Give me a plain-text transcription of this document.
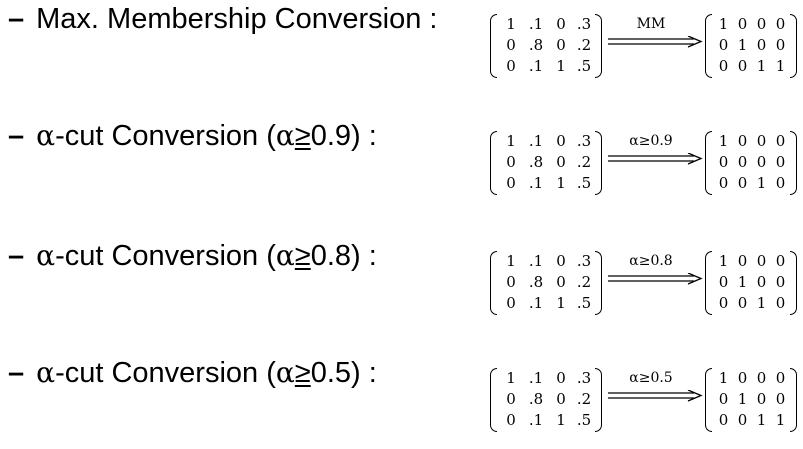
– Max. Membership Conversion :	1 .1 0 .3
0 .8 0 .2
0 .1 1 .5
MM	1 0 0 0
0 1 0 0
0 0 1 1
– α-cut Conversion (α≥0.9) :	1 .1 0 .3
0 .8 0 .2
0 .1 1 .5
α≥0.9	1 0 0 0
0 0 0 0
0 0 1 0
– α-cut Conversion (α≥0.8) :	1 .1 0 .3
0 .8 0 .2
0 .1 1 .5
α≥0.8	1 0 0 0
0 1 0 0
0 0 1 0
– α-cut Conversion (α≥0.5) :	1 .1 0 .3
0 .8 0 .2
0 .1 1 .5
α≥0.5	1 0 0 0
0 1 0 0
0 0 1 1
